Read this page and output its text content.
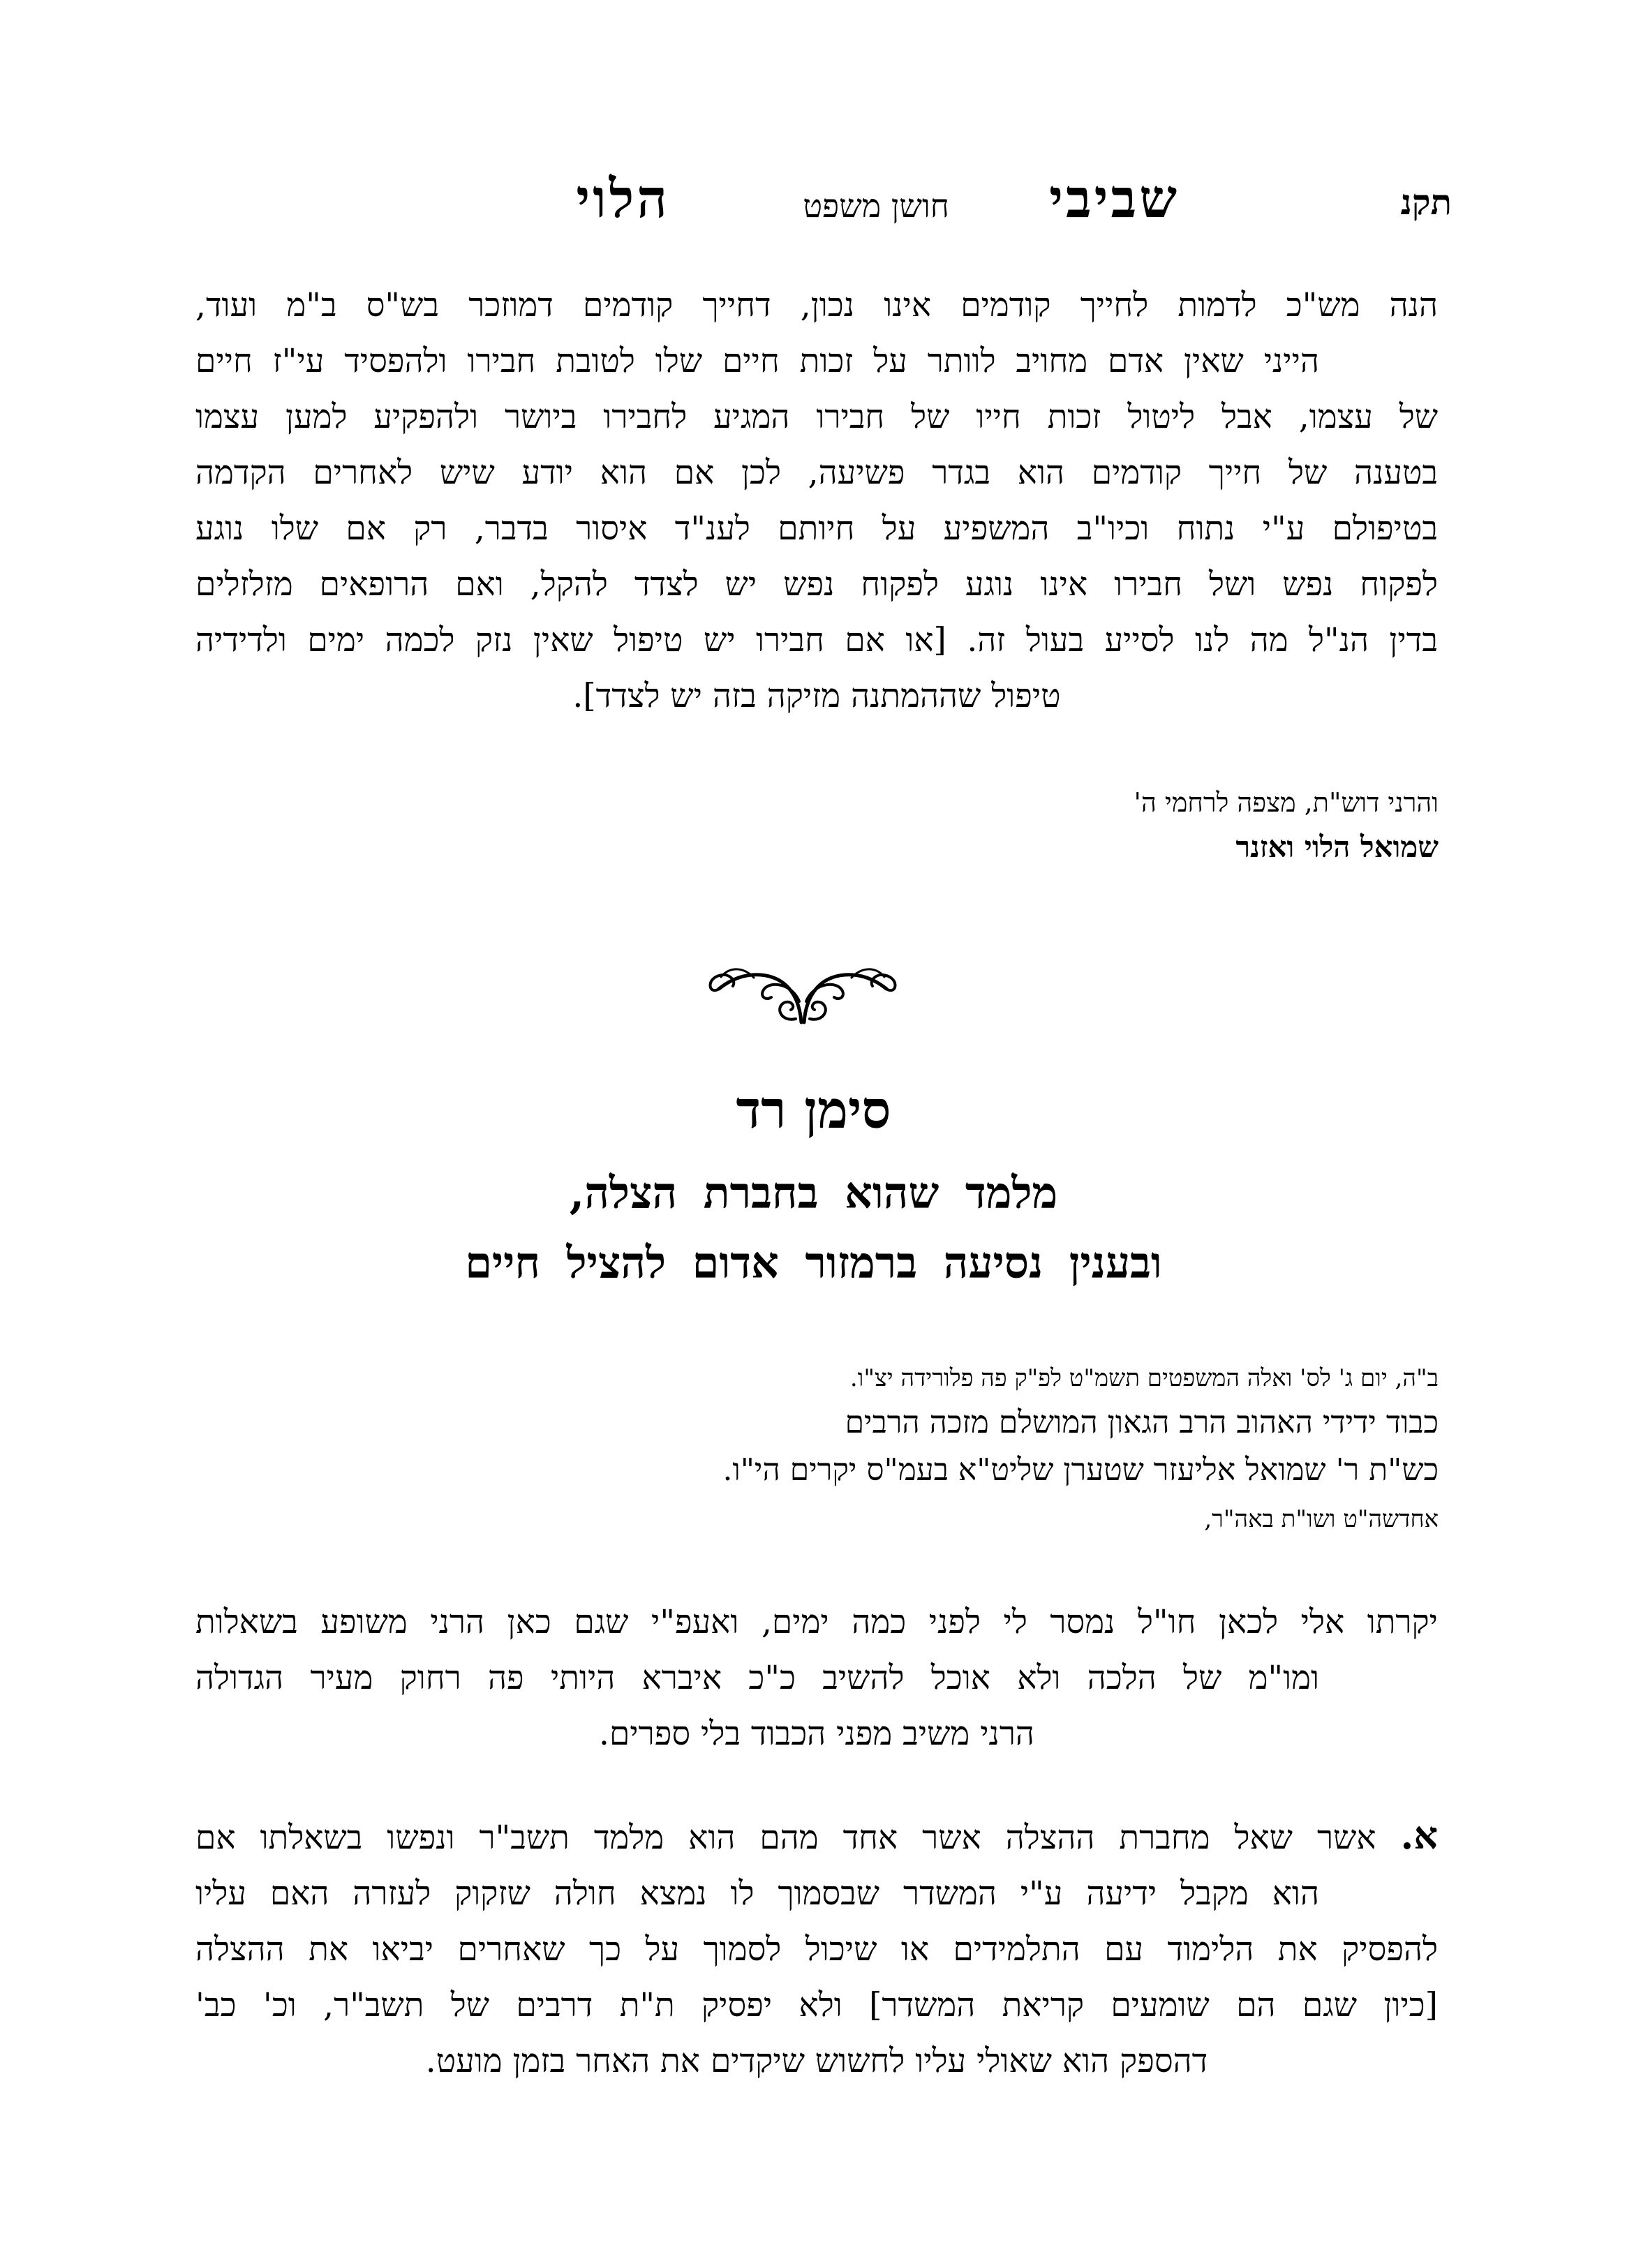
תקנ
שביבי
חושן משפט
הלוי
הנה מש"כ לדמות לחייך קודמים אינו נכון, דחייך קודמים דמוזכר בש"ס ב"מ ועוד,
הייני שאין אדם מחויב לוותר על זכות חיים שלו לטובת חבירו ולהפסיד עי"ז חיים
של עצמו, אבל ליטול זכות חייו של חבירו המגיע לחבירו ביושר ולהפקיע למען עצמו
בטענה של חייך קודמים הוא בגדר פשיעה, לכן אם הוא יודע שיש לאחרים הקדמה
בטיפולם ע"י נתוח וכיו"ב המשפיע על חיותם לענ"ד איסור בדבר, רק אם שלו נוגע
לפקוח נפש ושל חבירו אינו נוגע לפקוח נפש יש לצדד להקל, ואם הרופאים מזלזלים
בדין הנ"ל מה לנו לסייע בעול זה. [או אם חבירו יש טיפול שאין נזק לכמה ימים ולדידיה
טיפול שההמתנה מזיקה בזה יש לצדד].
והרני דוש"ת, מצפה לרחמי ה'
שמואל הלוי ואזנר
סימן רד
מלמד שהוא בחברת הצלה,
ובענין נסיעה ברמזור אדום להציל חיים
ב"ה, יום ג' לס' ואלה המשפטים תשמ"ט לפ"ק פה פלורידה יצ"ו.
כבוד ידידי האהוב הרב הגאון המושלם מזכה הרבים
כש"ת ר' שמואל אליעזר שטערן שליט"א בעמ"ס יקרים הי"ו.
אחדשה"ט ושו"ת באה"ר,
יקרתו אלי לכאן חו"ל נמסר לי לפני כמה ימים, ואעפ"י שגם כאן הרני משופע בשאלות
ומו"מ של הלכה ולא אוכל להשיב כ"כ איברא היותי פה רחוק מעיר הגדולה
הרני משיב מפני הכבוד בלי ספרים.
א. אשר שאל מחברת ההצלה אשר אחד מהם הוא מלמד תשב"ר ונפשו בשאלתו אם
הוא מקבל ידיעה ע"י המשדר שבסמוך לו נמצא חולה שזקוק לעזרה האם עליו
להפסיק את הלימוד עם התלמידים או שיכול לסמוך על כך שאחרים יביאו את ההצלה
[כיון שגם הם שומעים קריאת המשדר] ולא יפסיק ת"ת דרבים של תשב"ר, וכ' כב'
דהספק הוא שאולי עליו לחשוש שיקדים את האחר בזמן מועט.
